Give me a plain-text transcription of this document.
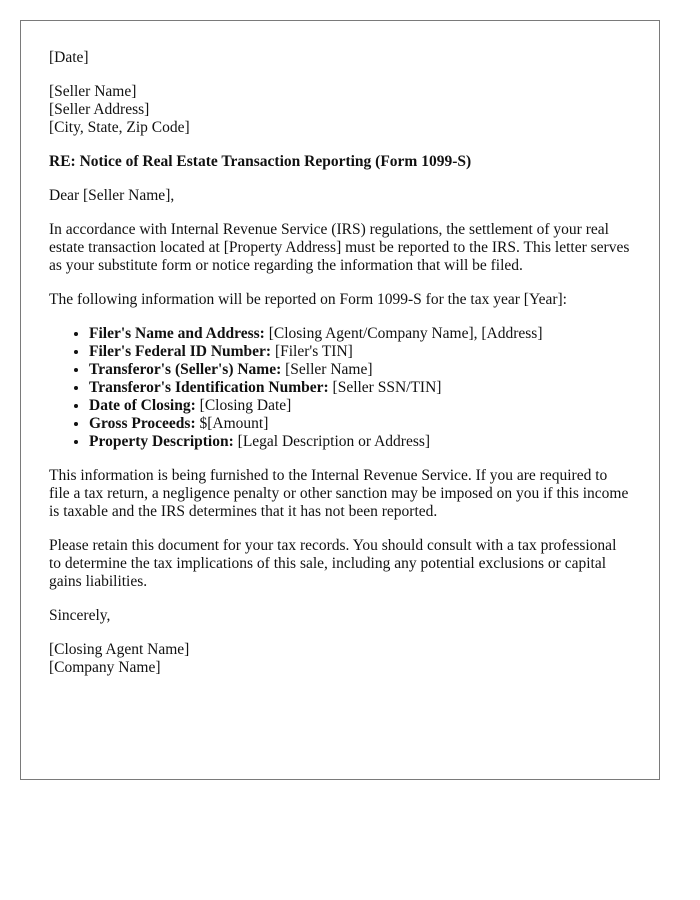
[Date]

[Seller Name]
[Seller Address]
[City, State, Zip Code]

RE: Notice of Real Estate Transaction Reporting (Form 1099-S)

Dear [Seller Name],

In accordance with Internal Revenue Service (IRS) regulations, the settlement of your real estate transaction located at [Property Address] must be reported to the IRS. This letter serves as your substitute form or notice regarding the information that will be filed.

The following information will be reported on Form 1099-S for the tax year [Year]:

• Filer's Name and Address: [Closing Agent/Company Name], [Address]
• Filer's Federal ID Number: [Filer's TIN]
• Transferor's (Seller's) Name: [Seller Name]
• Transferor's Identification Number: [Seller SSN/TIN]
• Date of Closing: [Closing Date]
• Gross Proceeds: $[Amount]
• Property Description: [Legal Description or Address]

This information is being furnished to the Internal Revenue Service. If you are required to file a tax return, a negligence penalty or other sanction may be imposed on you if this income is taxable and the IRS determines that it has not been reported.

Please retain this document for your tax records. You should consult with a tax professional to determine the tax implications of this sale, including any potential exclusions or capital gains liabilities.

Sincerely,

[Closing Agent Name]
[Company Name]
